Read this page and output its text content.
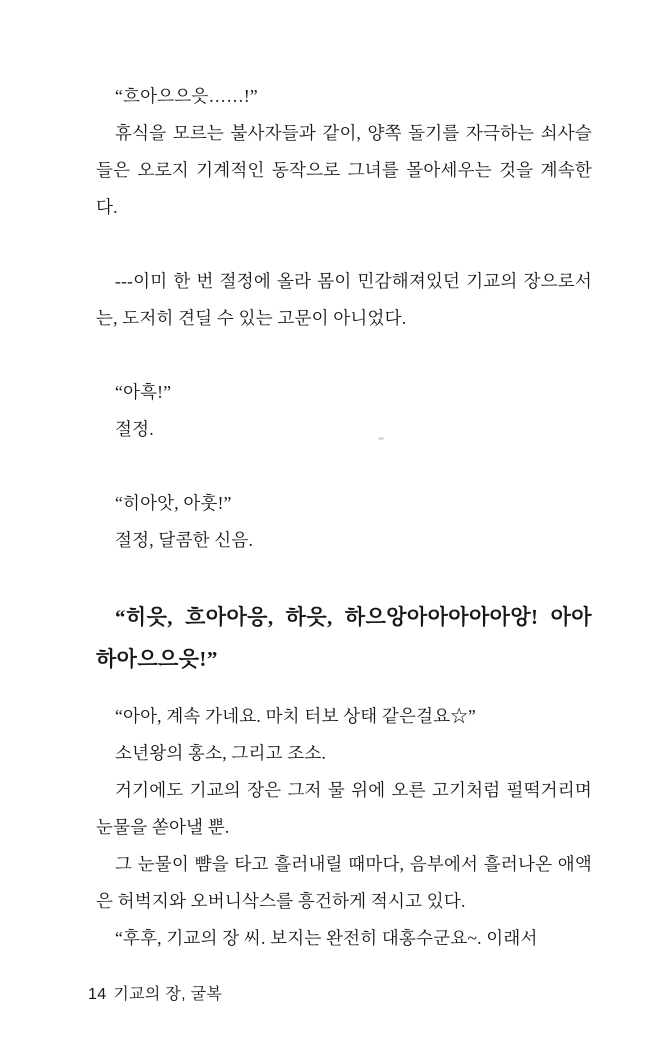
“흐아으으읏……!”

휴식을 모르는 불사자들과 같이, 양쪽 돌기를 자극하는 쇠사슬들은 오로지 기계적인 동작으로 그녀를 몰아세우는 것을 계속한다.

---이미 한 번 절정에 올라 몸이 민감해져있던 기교의 장으로서는, 도저히 견딜 수 있는 고문이 아니었다.

“아흑!”

절정.

“히아앗, 아훗!”

절정, 달콤한 신음.

“히읏, 흐아아응, 하읏, 하으앙아아아아아앙! 아아하아으으읏!”

“아아, 계속 가네요. 마치 터보 상태 같은걸요☆”

소년왕의 홍소, 그리고 조소.

거기에도 기교의 장은 그저 물 위에 오른 고기처럼 펄떡거리며 눈물을 쏟아낼 뿐.

그 눈물이 뺨을 타고 흘러내릴 때마다, 음부에서 흘러나온 애액은 허벅지와 오버니삭스를 흥건하게 적시고 있다.

“후후, 기교의 장 씨. 보지는 완전히 대홍수군요~. 이래서

14 기교의 장, 굴복
